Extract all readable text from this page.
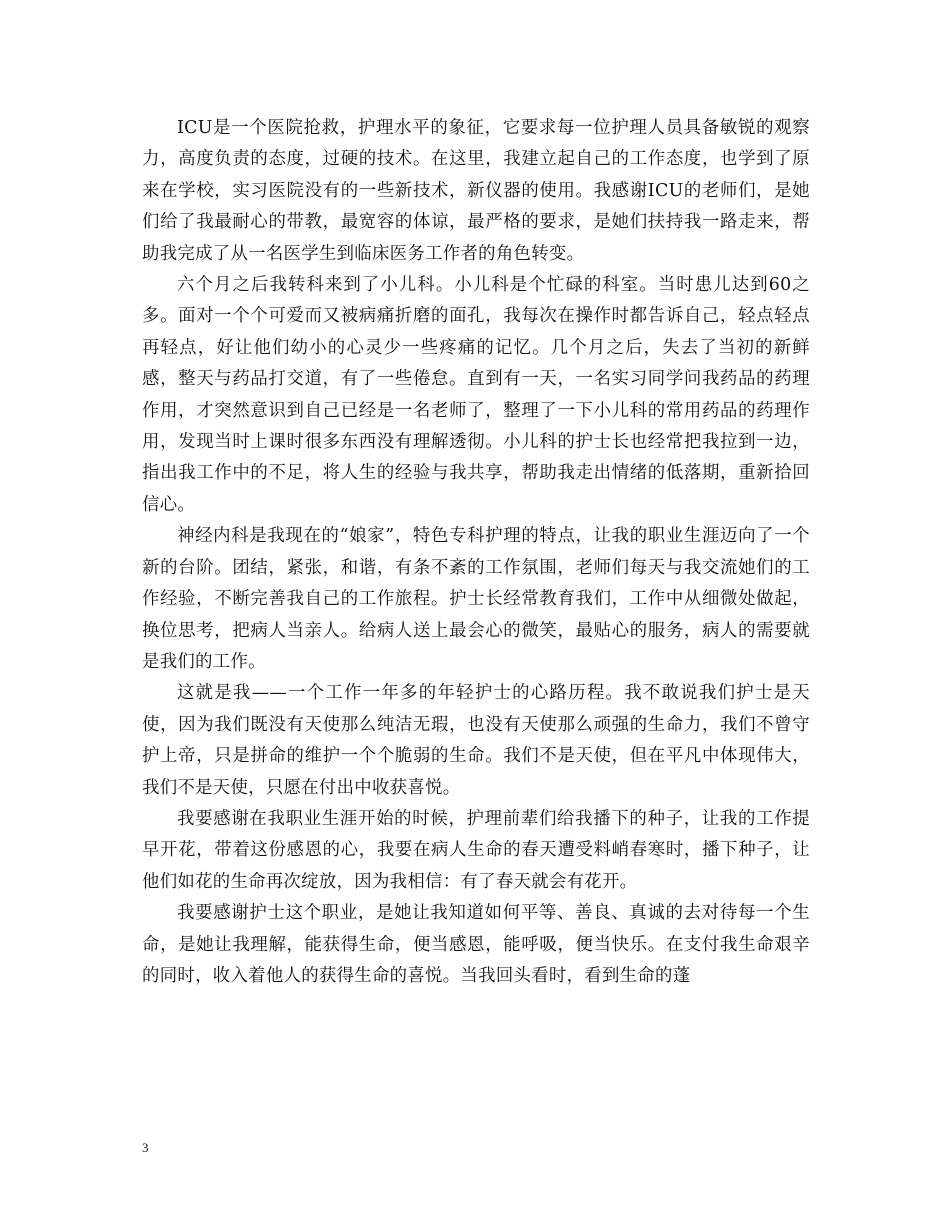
ICU是一个医院抢救，护理水平的象征，它要求每一位护理人员具备敏锐的观察力，高度负责的态度，过硬的技术。在这里，我建立起自己的工作态度，也学到了原来在学校，实习医院没有的一些新技术，新仪器的使用。我感谢ICU的老师们，是她们给了我最耐心的带教，最宽容的体谅，最严格的要求，是她们扶持我一路走来，帮助我完成了从一名医学生到临床医务工作者的角色转变。

六个月之后我转科来到了小儿科。小儿科是个忙碌的科室。当时患儿达到60之多。面对一个个可爱而又被病痛折磨的面孔，我每次在操作时都告诉自己，轻点轻点再轻点，好让他们幼小的心灵少一些疼痛的记忆。几个月之后，失去了当初的新鲜感，整天与药品打交道，有了一些倦怠。直到有一天，一名实习同学问我药品的药理作用，才突然意识到自己已经是一名老师了，整理了一下小儿科的常用药品的药理作用，发现当时上课时很多东西没有理解透彻。小儿科的护士长也经常把我拉到一边，指出我工作中的不足，将人生的经验与我共享，帮助我走出情绪的低落期，重新拾回信心。

神经内科是我现在的“娘家”，特色专科护理的特点，让我的职业生涯迈向了一个新的台阶。团结，紧张，和谐，有条不紊的工作氛围，老师们每天与我交流她们的工作经验，不断完善我自己的工作旅程。护士长经常教育我们，工作中从细微处做起，换位思考，把病人当亲人。给病人送上最会心的微笑，最贴心的服务，病人的需要就是我们的工作。

这就是我——一个工作一年多的年轻护士的心路历程。我不敢说我们护士是天使，因为我们既没有天使那么纯洁无瑕，也没有天使那么顽强的生命力，我们不曾守护上帝，只是拼命的维护一个个脆弱的生命。我们不是天使，但在平凡中体现伟大，我们不是天使，只愿在付出中收获喜悦。

我要感谢在我职业生涯开始的时候，护理前辈们给我播下的种子，让我的工作提早开花，带着这份感恩的心，我要在病人生命的春天遭受料峭春寒时，播下种子，让他们如花的生命再次绽放，因为我相信：有了春天就会有花开。

我要感谢护士这个职业，是她让我知道如何平等、善良、真诚的去对待每一个生命，是她让我理解，能获得生命，便当感恩，能呼吸，便当快乐。在支付我生命艰辛的同时，收入着他人的获得生命的喜悦。当我回头看时，看到生命的蓬

3
